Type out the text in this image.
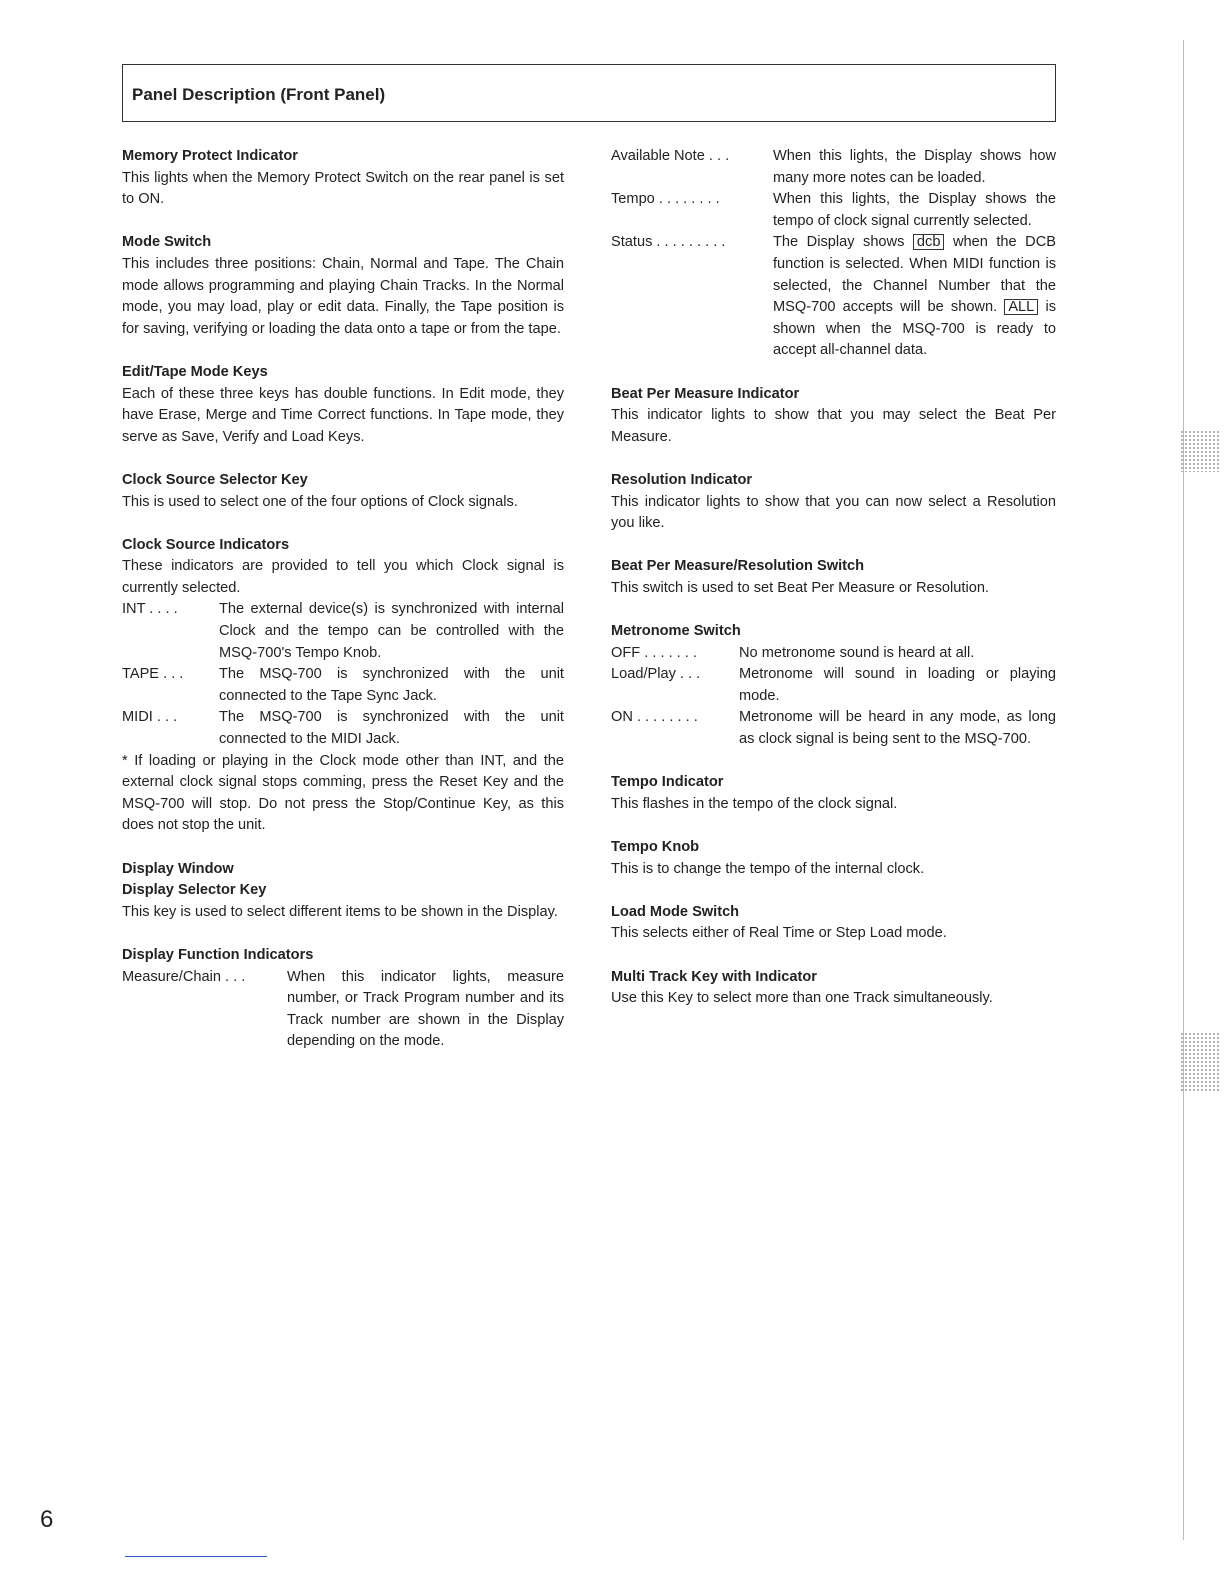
Panel Description (Front Panel)
Memory Protect Indicator

This lights when the Memory Protect Switch on the rear panel is set to ON.

Mode Switch

This includes three positions: Chain, Normal and Tape. The Chain mode allows programming and playing Chain Tracks. In the Normal mode, you may load, play or edit data. Finally, the Tape position is for saving, verifying or loading the data onto a tape or from the tape.

Edit/Tape Mode Keys

Each of these three keys has double functions. In Edit mode, they have Erase, Merge and Time Correct functions. In Tape mode, they serve as Save, Verify and Load Keys.

Clock Source Selector Key

This is used to select one of the four options of Clock signals.

Clock Source Indicators

These indicators are provided to tell you which Clock signal is currently selected.

INT . . . .	The external device(s) is synchronized with internal Clock and the tempo can be controlled with the MSQ-700's Tempo Knob.
TAPE . . .	The MSQ-700 is synchronized with the unit connected to the Tape Sync Jack.
MIDI . . .	The MSQ-700 is synchronized with the unit connected to the MIDI Jack.

* If loading or playing in the Clock mode other than INT, and the external clock signal stops comming, press the Reset Key and the MSQ-700 will stop. Do not press the Stop/Continue Key, as this does not stop the unit.

Display Window
Display Selector Key

This key is used to select different items to be shown in the Display.

Display Function Indicators
Measure/Chain . . .	When this indicator lights, measure number, or Track Program number and its Track number are shown in the Display depending on the mode.
Available Note . . .	When this lights, the Display shows how many more notes can be loaded.
Tempo . . . . . . . .	When this lights, the Display shows the tempo of clock signal currently selected.
Status . . . . . . . . .	The Display shows dcb when the DCB function is selected. When MIDI function is selected, the Channel Number that the MSQ-700 accepts will be shown. ALL is shown when the MSQ-700 is ready to accept all-channel data.
Beat Per Measure Indicator

This indicator lights to show that you may select the Beat Per Measure.

Resolution Indicator

This indicator lights to show that you can now select a Resolution you like.

Beat Per Measure/Resolution Switch

This switch is used to set Beat Per Measure or Resolution.

Metronome Switch
OFF . . . . . . .	No metronome sound is heard at all.
Load/Play . . .	Metronome will sound in loading or playing mode.
ON . . . . . . . .	Metronome will be heard in any mode, as long as clock signal is being sent to the MSQ-700.
Tempo Indicator

This flashes in the tempo of the clock signal.

Tempo Knob

This is to change the tempo of the internal clock.

Load Mode Switch

This selects either of Real Time or Step Load mode.

Multi Track Key with Indicator

Use this Key to select more than one Track simultaneously.

6
